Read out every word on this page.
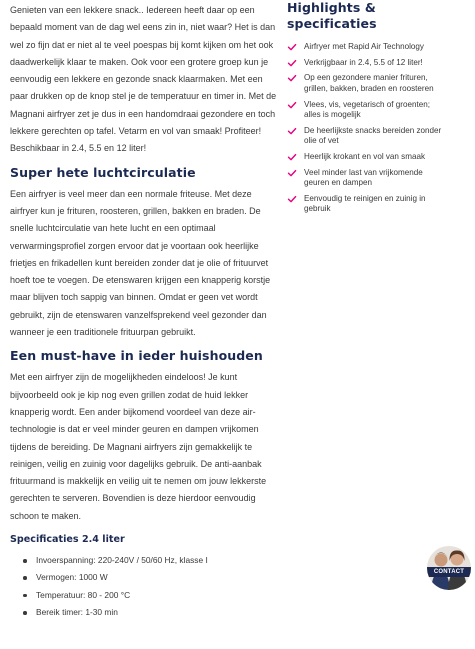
Genieten van een lekkere snack.. Iedereen heeft daar op een bepaald moment van de dag wel eens zin in, niet waar? Het is dan wel zo fijn dat er niet al te veel poespas bij komt kijken om het ook daadwerkelijk klaar te maken. Ook voor een grotere groep kun je eenvoudig een lekkere en gezonde snack klaarmaken. Met een paar drukken op de knop stel je de temperatuur en timer in. Met de Magnani airfryer zet je dus in een handomdraai gezondere en toch lekkere gerechten op tafel. Vetarm en vol van smaak! Profiteer! Beschikbaar in 2.4, 5.5 en 12 liter!

Super hete luchtcirculatie

Een airfryer is veel meer dan een normale friteuse. Met deze airfryer kun je frituren, roosteren, grillen, bakken en braden. De snelle luchtcirculatie van hete lucht en een optimaal verwarmingsprofiel zorgen ervoor dat je voortaan ook heerlijke frietjes en frikadellen kunt bereiden zonder dat je olie of frituurvet hoeft toe te voegen. De etenswaren krijgen een knapperig korstje maar blijven toch sappig van binnen. Omdat er geen vet wordt gebruikt, zijn de etenswaren vanzelfsprekend veel gezonder dan wanneer je een traditionele frituurpan gebruikt.

Een must-have in ieder huishouden

Met een airfryer zijn de mogelijkheden eindeloos! Je kunt bijvoorbeeld ook je kip nog even grillen zodat de huid lekker knapperig wordt. Een ander bijkomend voordeel van deze air-technologie is dat er veel minder geuren en dampen vrijkomen tijdens de bereiding. De Magnani airfryers zijn gemakkelijk te reinigen, veilig en zuinig voor dagelijks gebruik. De anti-aanbak frituurmand is makkelijk en veilig uit te nemen om jouw lekkerste gerechten te serveren. Bovendien is deze hierdoor eenvoudig schoon te maken.

Specificaties 2.4 liter
Invoerspanning: 220-240V / 50/60 Hz, klasse I
Vermogen: 1000 W
Temperatuur: 80 - 200 °C
Bereik timer: 1-30 min
Highlights & specificaties
Airfryer met Rapid Air Technology
Verkrijgbaar in 2.4, 5.5 of 12 liter!
Op een gezondere manier frituren, grillen, bakken, braden en roosteren
Vlees, vis, vegetarisch of groenten; alles is mogelijk
De heerlijkste snacks bereiden zonder olie of vet
Heerlijk krokant en vol van smaak
Veel minder last van vrijkomende geuren en dampen
Eenvoudig te reinigen en zuinig in gebruik
CONTACT
